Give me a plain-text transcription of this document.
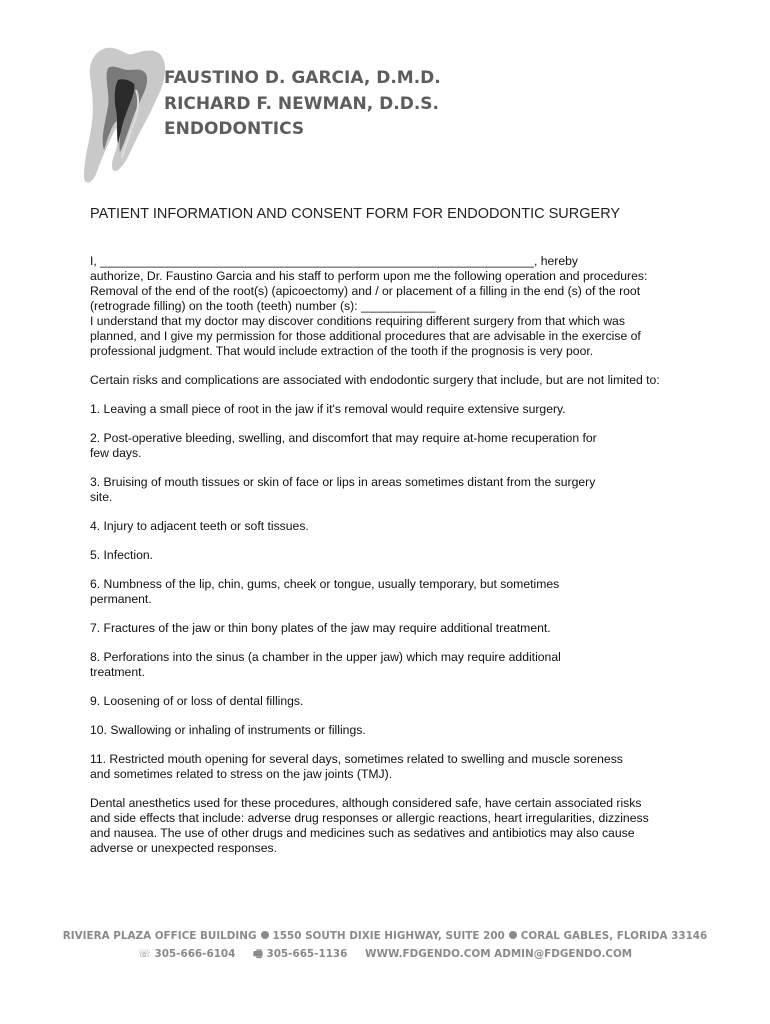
FAUSTINO D. GARCIA, D.M.D.
RICHARD F. NEWMAN, D.D.S.
ENDODONTICS
PATIENT INFORMATION AND CONSENT FORM FOR ENDODONTIC SURGERY

I, ________________________________________________________________, hereby
authorize, Dr. Faustino Garcia and his staff to perform upon me the following operation and procedures:
Removal of the end of the root(s) (apicoectomy) and / or placement of a filling in the end (s) of the root
(retrograde filling) on the tooth (teeth) number (s): ___________
I understand that my doctor may discover conditions requiring different surgery from that which was
planned, and I give my permission for those additional procedures that are advisable in the exercise of
professional judgment. That would include extraction of the tooth if the prognosis is very poor.

Certain risks and complications are associated with endodontic surgery that include, but are not limited to:

1. Leaving a small piece of root in the jaw if it's removal would require extensive surgery.

2. Post-operative bleeding, swelling, and discomfort that may require at-home recuperation for
few days.

3. Bruising of mouth tissues or skin of face or lips in areas sometimes distant from the surgery
site.

4. Injury to adjacent teeth or soft tissues.

5. Infection.

6. Numbness of the lip, chin, gums, cheek or tongue, usually temporary, but sometimes
permanent.

7. Fractures of the jaw or thin bony plates of the jaw may require additional treatment.

8. Perforations into the sinus (a chamber in the upper jaw) which may require additional
treatment.

9. Loosening of or loss of dental fillings.

10. Swallowing or inhaling of instruments or fillings.

11. Restricted mouth opening for several days, sometimes related to swelling and muscle soreness
and sometimes related to stress on the jaw joints (TMJ).

Dental anesthetics used for these procedures, although considered safe, have certain associated risks
and side effects that include: adverse drug responses or allergic reactions, heart irregularities, dizziness
and nausea. The use of other drugs and medicines such as sedatives and antibiotics may also cause
adverse or unexpected responses.

RIVIERA PLAZA OFFICE BUILDING 1550 SOUTH DIXIE HIGHWAY, SUITE 200 CORAL GABLES, FLORIDA 33146
☏ 305-666-6104 🖷 305-665-1136 WWW.FDGENDO.COM ADMIN@FDGENDO.COM
